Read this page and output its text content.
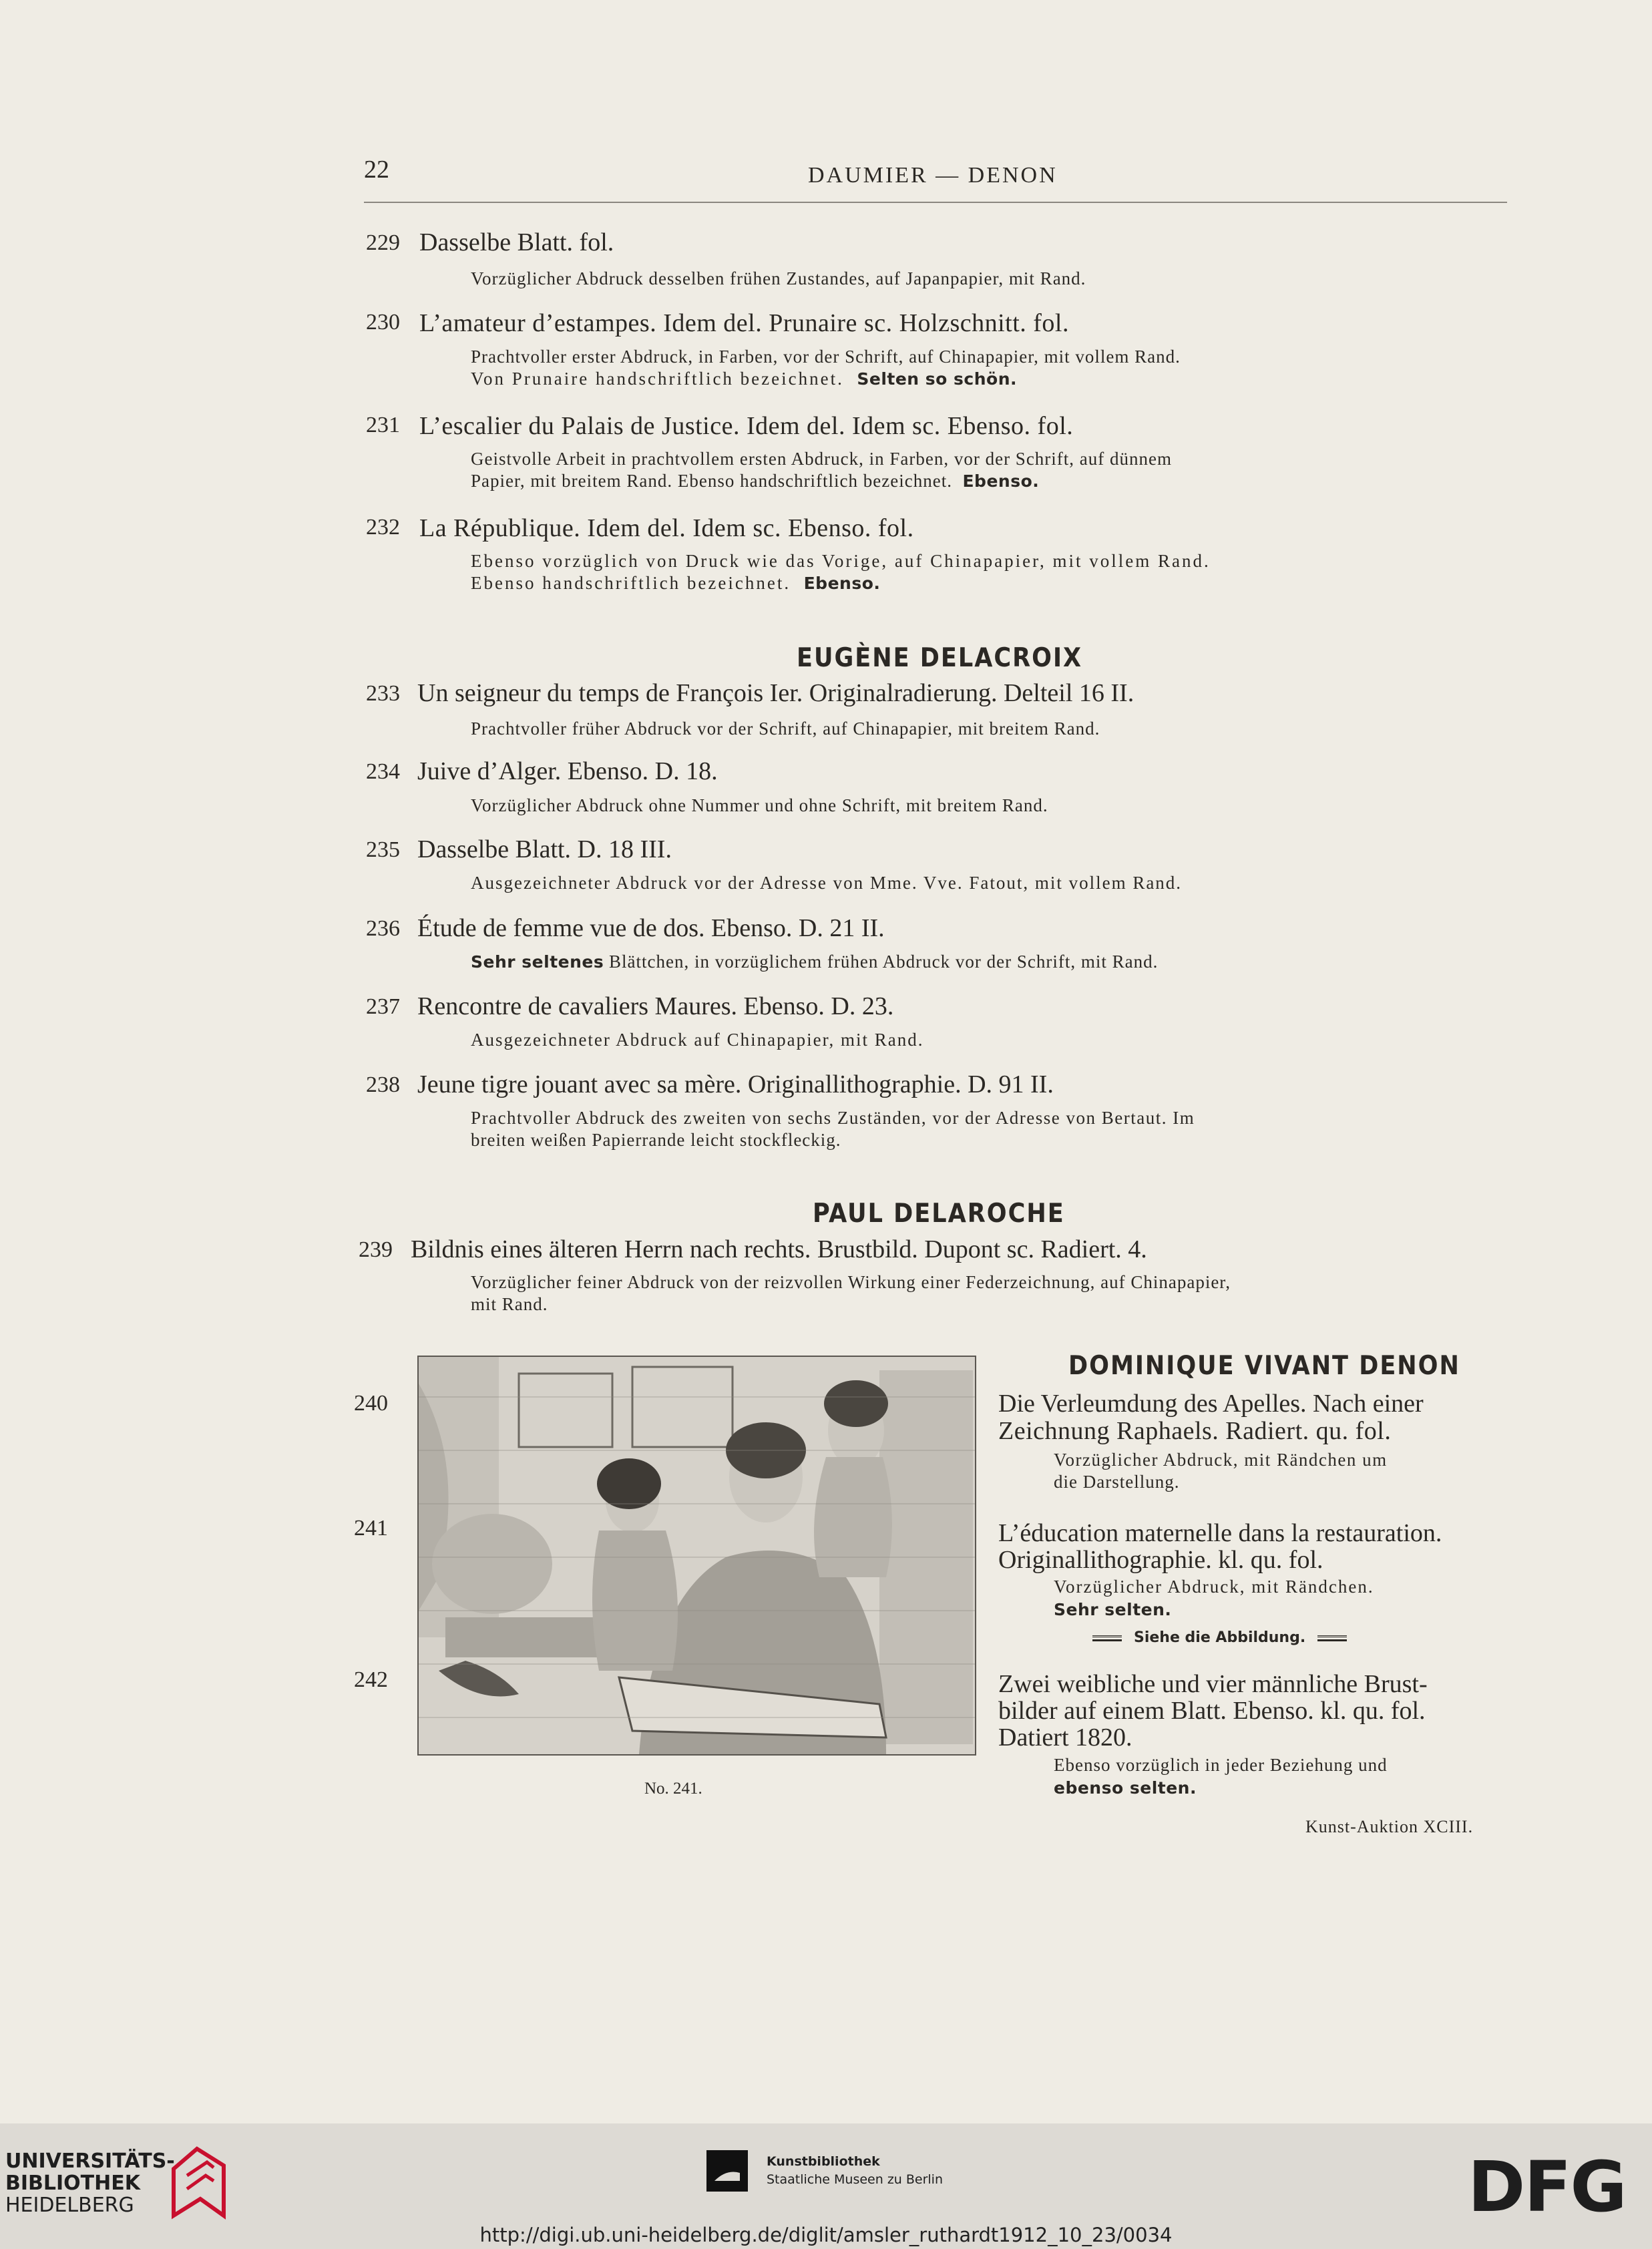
22	DAUMIER — DENON
229 Dasselbe Blatt. fol.
Vorzüglicher Abdruck desselben frühen Zustandes, auf Japanpapier, mit Rand.
230 L’amateur d’estampes. Idem del. Prunaire sc. Holzschnitt. fol.
Prachtvoller erster Abdruck, in Farben, vor der Schrift, auf Chinapapier, mit vollem Rand.
Von Prunaire handschriftlich bezeichnet. Selten so schön.
231 L’escalier du Palais de Justice. Idem del. Idem sc. Ebenso. fol.
Geistvolle Arbeit in prachtvollem ersten Abdruck, in Farben, vor der Schrift, auf dünnem
Papier, mit breitem Rand. Ebenso handschriftlich bezeichnet. Ebenso.
232 La République. Idem del. Idem sc. Ebenso. fol.
Ebenso vorzüglich von Druck wie das Vorige, auf Chinapapier, mit vollem Rand.
Ebenso handschriftlich bezeichnet. Ebenso.
EUGÈNE DELACROIX
233 Un seigneur du temps de François Ier. Originalradierung. Delteil 16 II.
Prachtvoller früher Abdruck vor der Schrift, auf Chinapapier, mit breitem Rand.
234 Juive d’Alger. Ebenso. D. 18.
Vorzüglicher Abdruck ohne Nummer und ohne Schrift, mit breitem Rand.
235 Dasselbe Blatt. D. 18 III.
Ausgezeichneter Abdruck vor der Adresse von Mme. Vve. Fatout, mit vollem Rand.
236 Étude de femme vue de dos. Ebenso. D. 21 II.
Sehr seltenes Blättchen, in vorzüglichem frühen Abdruck vor der Schrift, mit Rand.
237 Rencontre de cavaliers Maures. Ebenso. D. 23.
Ausgezeichneter Abdruck auf Chinapapier, mit Rand.
238 Jeune tigre jouant avec sa mère. Originallithographie. D. 91 II.
Prachtvoller Abdruck des zweiten von sechs Zuständen, vor der Adresse von Bertaut. Im
breiten weißen Papierrande leicht stockfleckig.
PAUL DELAROCHE
239 Bildnis eines älteren Herrn nach rechts. Brustbild. Dupont sc. Radiert. 4.
Vorzüglicher feiner Abdruck von der reizvollen Wirkung einer Federzeichnung, auf Chinapapier,
mit Rand.
DOMINIQUE VIVANT DENON
240	Die Verleumdung des Apelles. Nach einer
Zeichnung Raphaels. Radiert. qu. fol.
Vorzüglicher Abdruck, mit Rändchen um
die Darstellung.
241	L’éducation maternelle dans la restauration.
Originallithographie. kl. qu. fol.
Vorzüglicher Abdruck, mit Rändchen.
Sehr selten.
Siehe die Abbildung.
242	Zwei weibliche und vier männliche Brust-
bilder auf einem Blatt. Ebenso. kl. qu. fol.
Datiert 1820.
Ebenso vorzüglich in jeder Beziehung und
ebenso selten.
No. 241.
Kunst-Auktion XCIII.
UNIVERSITÄTS-
BIBLIOTHEK
HEIDELBERG
Kunstbibliothek
Staatliche Museen zu Berlin	DFG
http://digi.ub.uni-heidelberg.de/diglit/amsler_ruthardt1912_10_23/0034
